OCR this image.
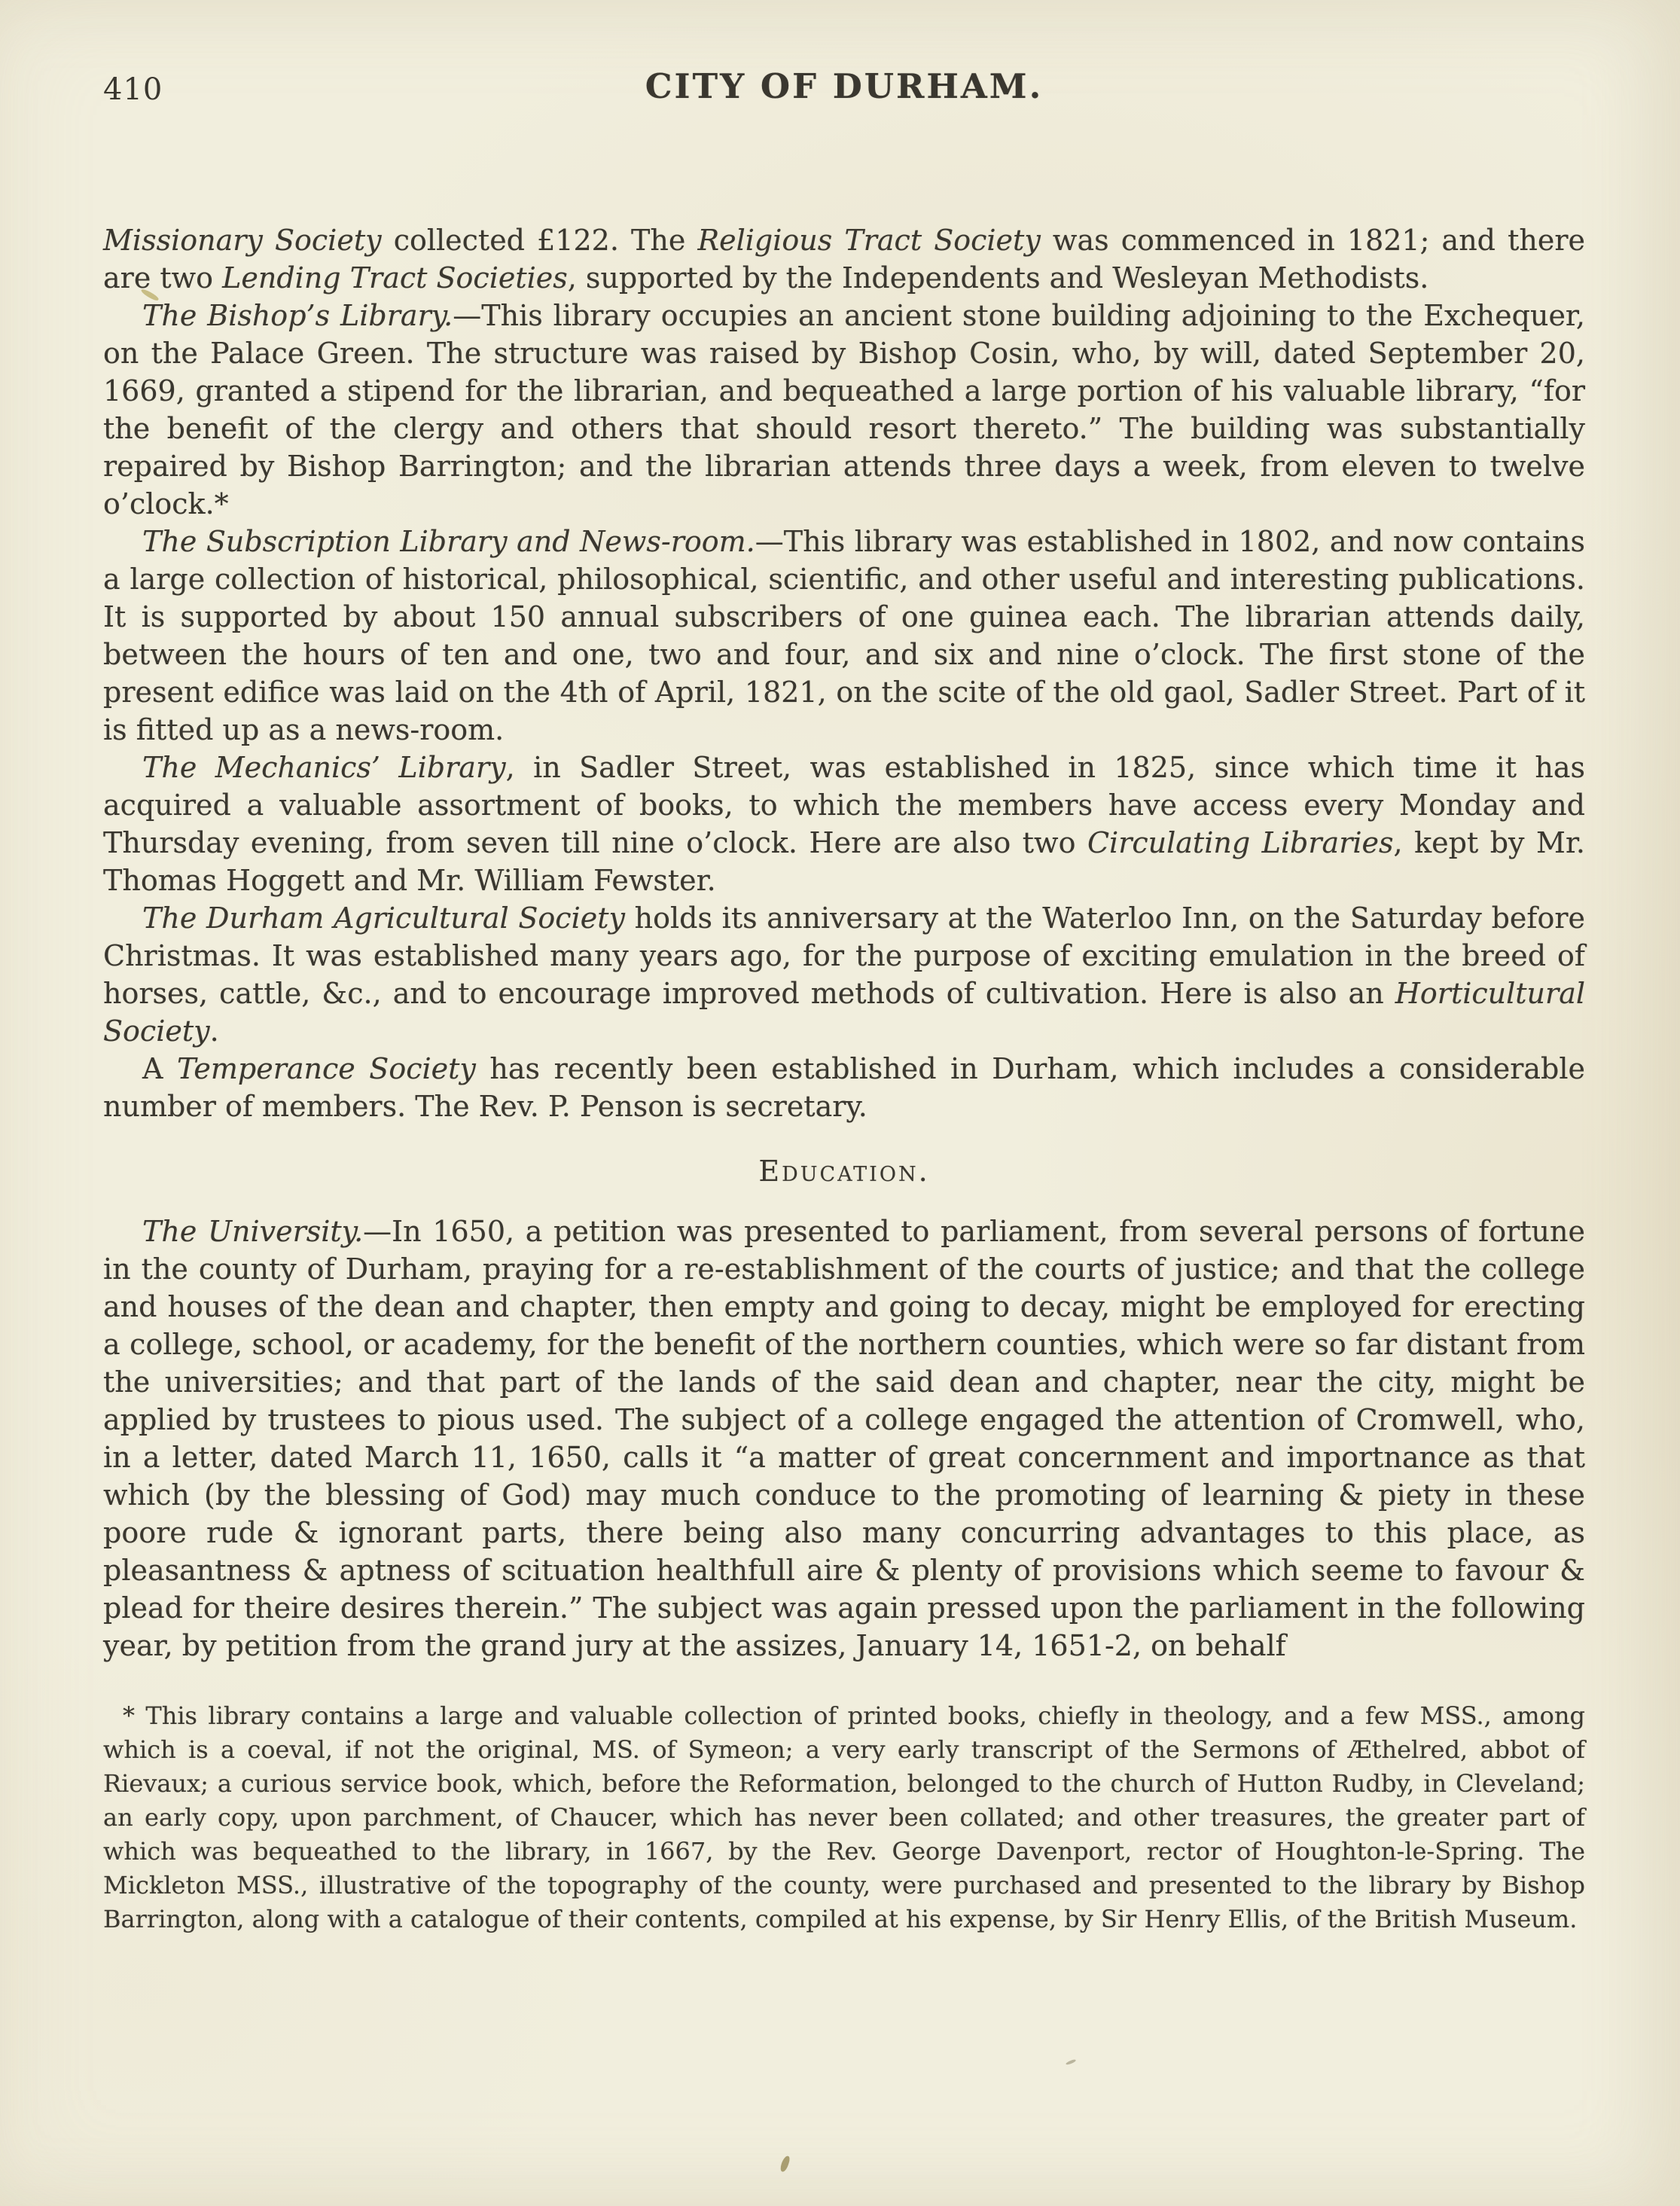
410	CITY OF DURHAM.

Missionary Society collected £122. The Religious Tract Society was commenced in 1821; and there are two Lending Tract Societies, supported by the Independents and Wesleyan Methodists.

The Bishop’s Library.—This library occupies an ancient stone building adjoining to the Exchequer, on the Palace Green. The structure was raised by Bishop Cosin, who, by will, dated September 20, 1669, granted a stipend for the librarian, and bequeathed a large portion of his valuable library, “for the benefit of the clergy and others that should resort thereto.” The building was substantially repaired by Bishop Barrington; and the librarian attends three days a week, from eleven to twelve o’clock.*

The Subscription Library and News-room.—This library was established in 1802, and now contains a large collection of historical, philosophical, scientific, and other useful and interesting publications. It is supported by about 150 annual subscribers of one guinea each. The librarian attends daily, between the hours of ten and one, two and four, and six and nine o’clock. The first stone of the present edifice was laid on the 4th of April, 1821, on the scite of the old gaol, Sadler Street. Part of it is fitted up as a news-room.

The Mechanics’ Library, in Sadler Street, was established in 1825, since which time it has acquired a valuable assortment of books, to which the members have access every Monday and Thursday evening, from seven till nine o’clock. Here are also two Circulating Libraries, kept by Mr. Thomas Hoggett and Mr. William Fewster.

The Durham Agricultural Society holds its anniversary at the Waterloo Inn, on the Saturday before Christmas. It was established many years ago, for the purpose of exciting emulation in the breed of horses, cattle, &c., and to encourage improved methods of cultivation. Here is also an Horticultural Society.

A Temperance Society has recently been established in Durham, which includes a considerable number of members. The Rev. P. Penson is secretary.

Education.

The University.—In 1650, a petition was presented to parliament, from several persons of fortune in the county of Durham, praying for a re-establishment of the courts of justice; and that the college and houses of the dean and chapter, then empty and going to decay, might be employed for erecting a college, school, or academy, for the benefit of the northern counties, which were so far distant from the universities; and that part of the lands of the said dean and chapter, near the city, might be applied by trustees to pious used. The subject of a college engaged the attention of Cromwell, who, in a letter, dated March 11, 1650, calls it “a matter of great concernment and importnance as that which (by the blessing of God) may much conduce to the promoting of learning & piety in these poore rude & ignorant parts, there being also many concurring advantages to this place, as pleasantness & aptness of scituation healthfull aire & plenty of provisions which seeme to favour & plead for theire desires therein.” The subject was again pressed upon the parliament in the following year, by petition from the grand jury at the assizes, January 14, 1651-2, on behalf

* This library contains a large and valuable collection of printed books, chiefly in theology, and a few MSS., among which is a coeval, if not the original, MS. of Symeon; a very early transcript of the Sermons of Æthelred, abbot of Rievaux; a curious service book, which, before the Reformation, belonged to the church of Hutton Rudby, in Cleveland; an early copy, upon parchment, of Chaucer, which has never been collated; and other treasures, the greater part of which was bequeathed to the library, in 1667, by the Rev. George Davenport, rector of Houghton-le-Spring. The Mickleton MSS., illustrative of the topography of the county, were purchased and presented to the library by Bishop Barrington, along with a catalogue of their contents, compiled at his expense, by Sir Henry Ellis, of the British Museum.
